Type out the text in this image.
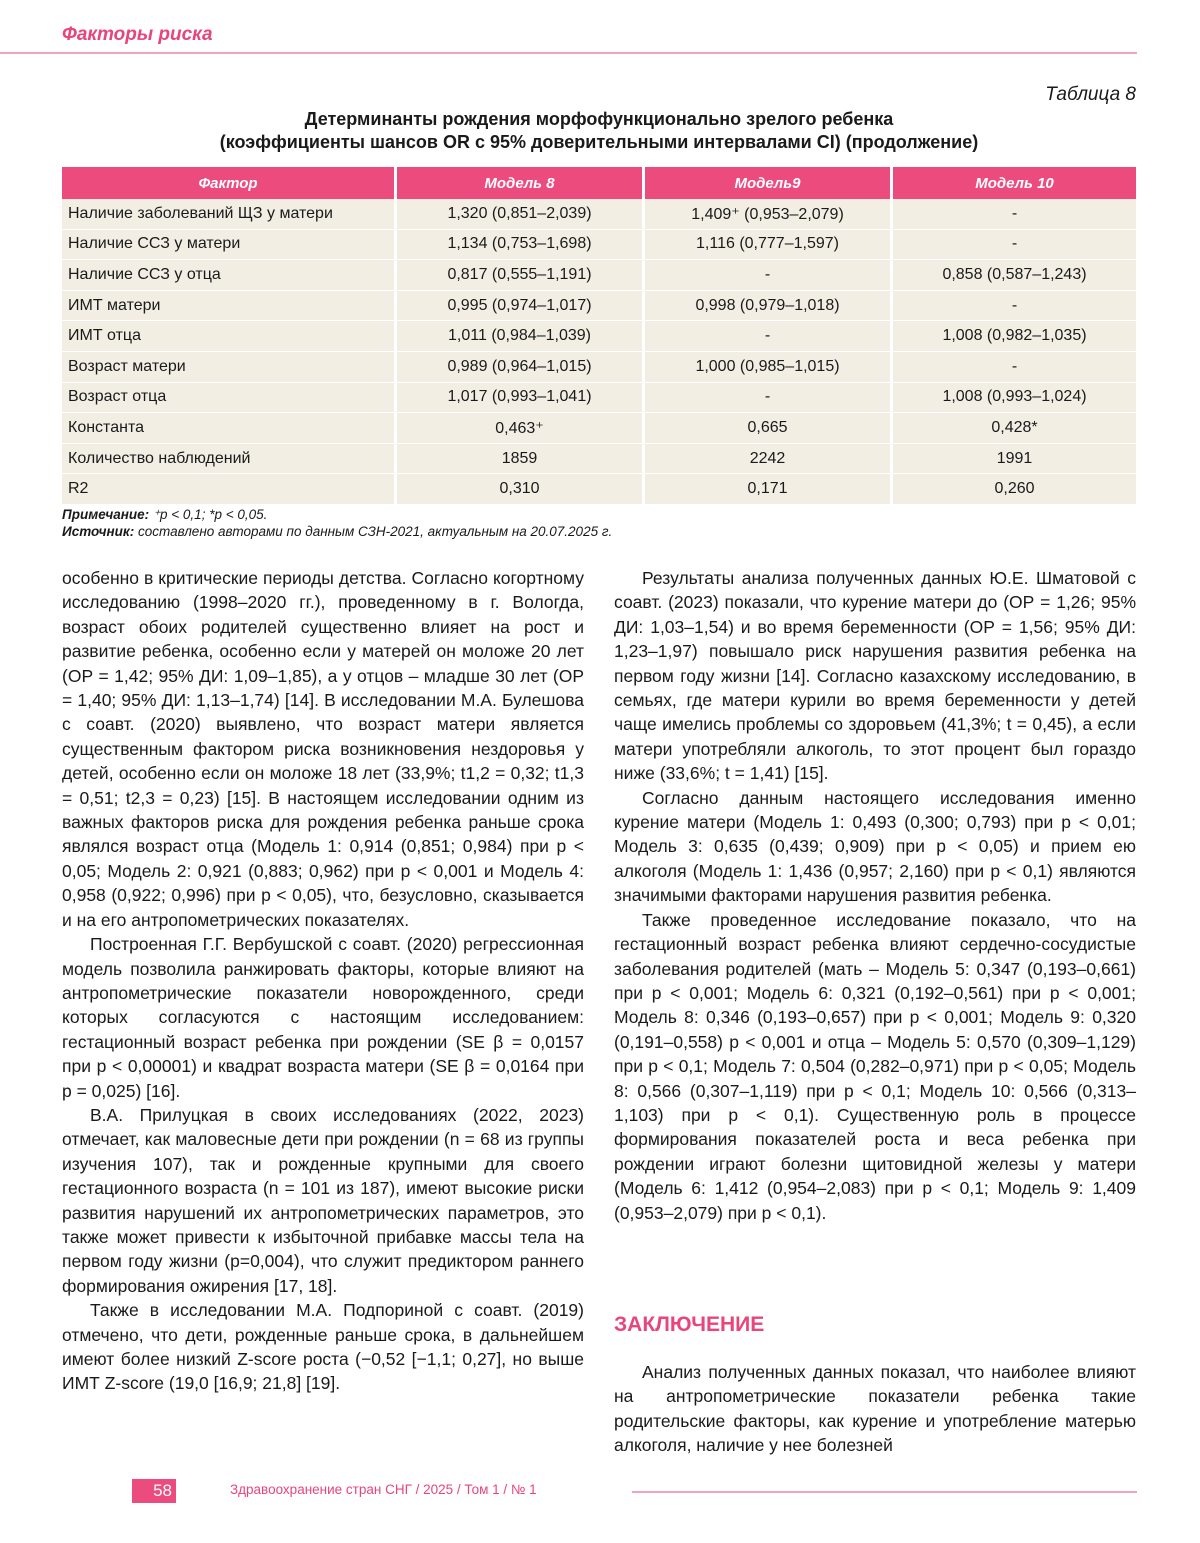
Факторы риска
Таблица 8
Детерминанты рождения морфофункционально зрелого ребенка
(коэффициенты шансов OR с 95% доверительными интервалами CI) (продолжение)
Фактор	Модель 8	Модель9	Модель 10
Наличие заболеваний ЩЗ у матери	1,320 (0,851–2,039)	1,409⁺ (0,953–2,079)	-
Наличие ССЗ у матери	1,134 (0,753–1,698)	1,116 (0,777–1,597)	-
Наличие ССЗ у отца	0,817 (0,555–1,191)	-	0,858 (0,587–1,243)
ИМТ матери	0,995 (0,974–1,017)	0,998 (0,979–1,018)	-
ИМТ отца	1,011 (0,984–1,039)	-	1,008 (0,982–1,035)
Возраст матери	0,989 (0,964–1,015)	1,000 (0,985–1,015)	-
Возраст отца	1,017 (0,993–1,041)	-	1,008 (0,993–1,024)
Константа	0,463⁺	0,665	0,428*
Количество наблюдений	1859	2242	1991
R2	0,310	0,171	0,260
Примечание: ⁺p < 0,1; *p < 0,05.
Источник: составлено авторами по данным СЗН-2021, актуальным на 20.07.2025 г.

особенно в критические периоды детства. Согласно когортному исследованию (1998–2020 гг.), проведенному в г. Вологда, возраст обоих родителей существенно влияет на рост и развитие ребенка, особенно если у матерей он моложе 20 лет (ОР = 1,42; 95% ДИ: 1,09–1,85), а у отцов – младше 30 лет (ОР = 1,40; 95% ДИ: 1,13–1,74) [14]. В исследовании М.А. Булешова с соавт. (2020) выявлено, что возраст матери является существенным фактором риска возникновения нездоровья у детей, особенно если он моложе 18 лет (33,9%; t1,2 = 0,32; t1,3 = 0,51; t2,3 = 0,23) [15]. В настоящем исследовании одним из важных факторов риска для рождения ребенка раньше срока являлся возраст отца (Модель 1: 0,914 (0,851; 0,984) при p < 0,05; Модель 2: 0,921 (0,883; 0,962) при p < 0,001 и Модель 4: 0,958 (0,922; 0,996) при p < 0,05), что, безусловно, сказывается и на его антропометрических показателях.

Построенная Г.Г. Вербушской с соавт. (2020) регрессионная модель позволила ранжировать факторы, которые влияют на антропометрические показатели новорожденного, среди которых согласуются с настоящим исследованием: гестационный возраст ребенка при рождении (SE β = 0,0157 при p < 0,00001) и квадрат возраста матери (SE β = 0,0164 при p = 0,025) [16].

В.А. Прилуцкая в своих исследованиях (2022, 2023) отмечает, как маловесные дети при рождении (n = 68 из группы изучения 107), так и рожденные крупными для своего гестационного возраста (n = 101 из 187), имеют высокие риски развития нарушений их антропометрических параметров, это также может привести к избыточной прибавке массы тела на первом году жизни (p=0,004), что служит предиктором раннего формирования ожирения [17, 18].

Также в исследовании М.А. Подпориной с соавт. (2019) отмечено, что дети, рожденные раньше срока, в дальнейшем имеют более низкий Z-score роста (−0,52 [−1,1; 0,27], но выше ИМТ Z-score (19,0 [16,9; 21,8] [19].

Результаты анализа полученных данных Ю.Е. Шматовой с соавт. (2023) показали, что курение матери до (ОР = 1,26; 95% ДИ: 1,03–1,54) и во время беременности (ОР = 1,56; 95% ДИ: 1,23–1,97) повышало риск нарушения развития ребенка на первом году жизни [14]. Согласно казахскому исследованию, в семьях, где матери курили во время беременности у детей чаще имелись проблемы со здоровьем (41,3%; t = 0,45), а если матери употребляли алкоголь, то этот процент был гораздо ниже (33,6%; t = 1,41) [15].

Согласно данным настоящего исследования именно курение матери (Модель 1: 0,493 (0,300; 0,793) при p < 0,01; Модель 3: 0,635 (0,439; 0,909) при p < 0,05) и прием ею алкоголя (Модель 1: 1,436 (0,957; 2,160) при p < 0,1) являются значимыми факторами нарушения развития ребенка.

Также проведенное исследование показало, что на гестационный возраст ребенка влияют сердечно-сосудистые заболевания родителей (мать – Модель 5: 0,347 (0,193–0,661) при p < 0,001; Модель 6: 0,321 (0,192–0,561) при p < 0,001; Модель 8: 0,346 (0,193–0,657) при p < 0,001; Модель 9: 0,320 (0,191–0,558) p < 0,001 и отца – Модель 5: 0,570 (0,309–1,129) при p < 0,1; Модель 7: 0,504 (0,282–0,971) при p < 0,05; Модель 8: 0,566 (0,307–1,119) при p < 0,1; Модель 10: 0,566 (0,313–1,103) при p < 0,1). Существенную роль в процессе формирования показателей роста и веса ребенка при рождении играют болезни щитовидной железы у матери (Модель 6: 1,412 (0,954–2,083) при p < 0,1; Модель 9: 1,409 (0,953–2,079) при p < 0,1).

ЗАКЛЮЧЕНИЕ

Анализ полученных данных показал, что наиболее влияют на антропометрические показатели ребенка такие родительские факторы, как курение и употребление матерью алкоголя, наличие у нее болезней

58	Здравоохранение стран СНГ / 2025 / Том 1 / № 1
